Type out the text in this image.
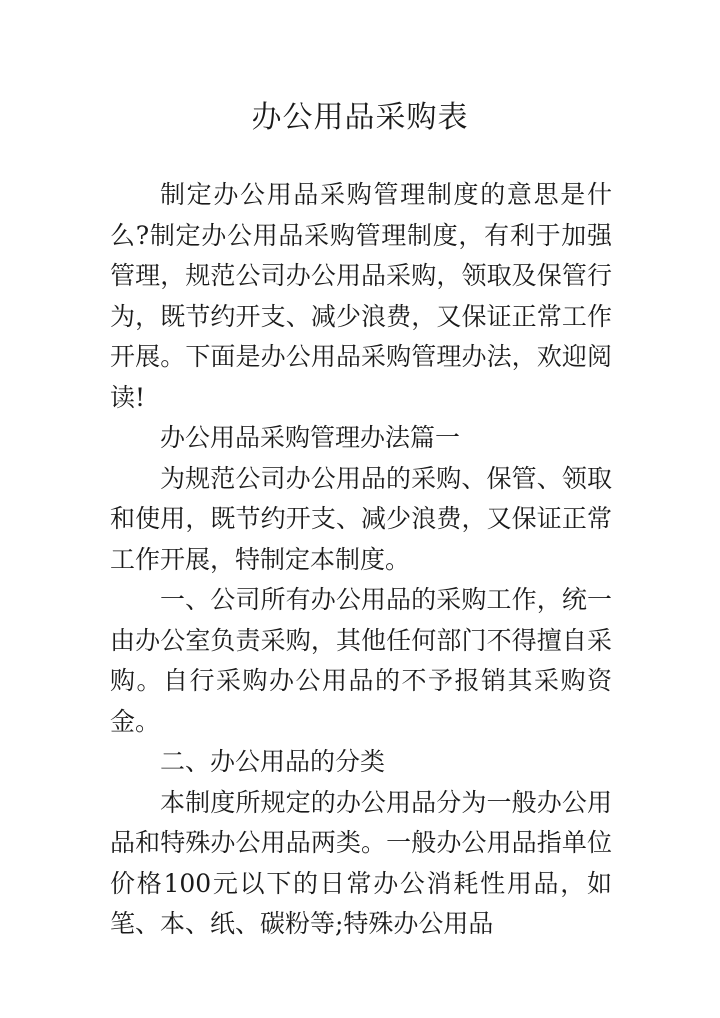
办公用品采购表

制定办公用品采购管理制度的意思是什么?制定办公用品采购管理制度，有利于加强管理，规范公司办公用品采购，领取及保管行为，既节约开支、减少浪费，又保证正常工作开展。下面是办公用品采购管理办法，欢迎阅读!

办公用品采购管理办法篇一

为规范公司办公用品的采购、保管、领取和使用，既节约开支、减少浪费，又保证正常工作开展，特制定本制度。

一、公司所有办公用品的采购工作，统一由办公室负责采购，其他任何部门不得擅自采购。自行采购办公用品的不予报销其采购资金。

二、办公用品的分类

本制度所规定的办公用品分为一般办公用品和特殊办公用品两类。一般办公用品指单位价格100元以下的日常办公消耗性用品，如笔、本、纸、碳粉等;特殊办公用品
